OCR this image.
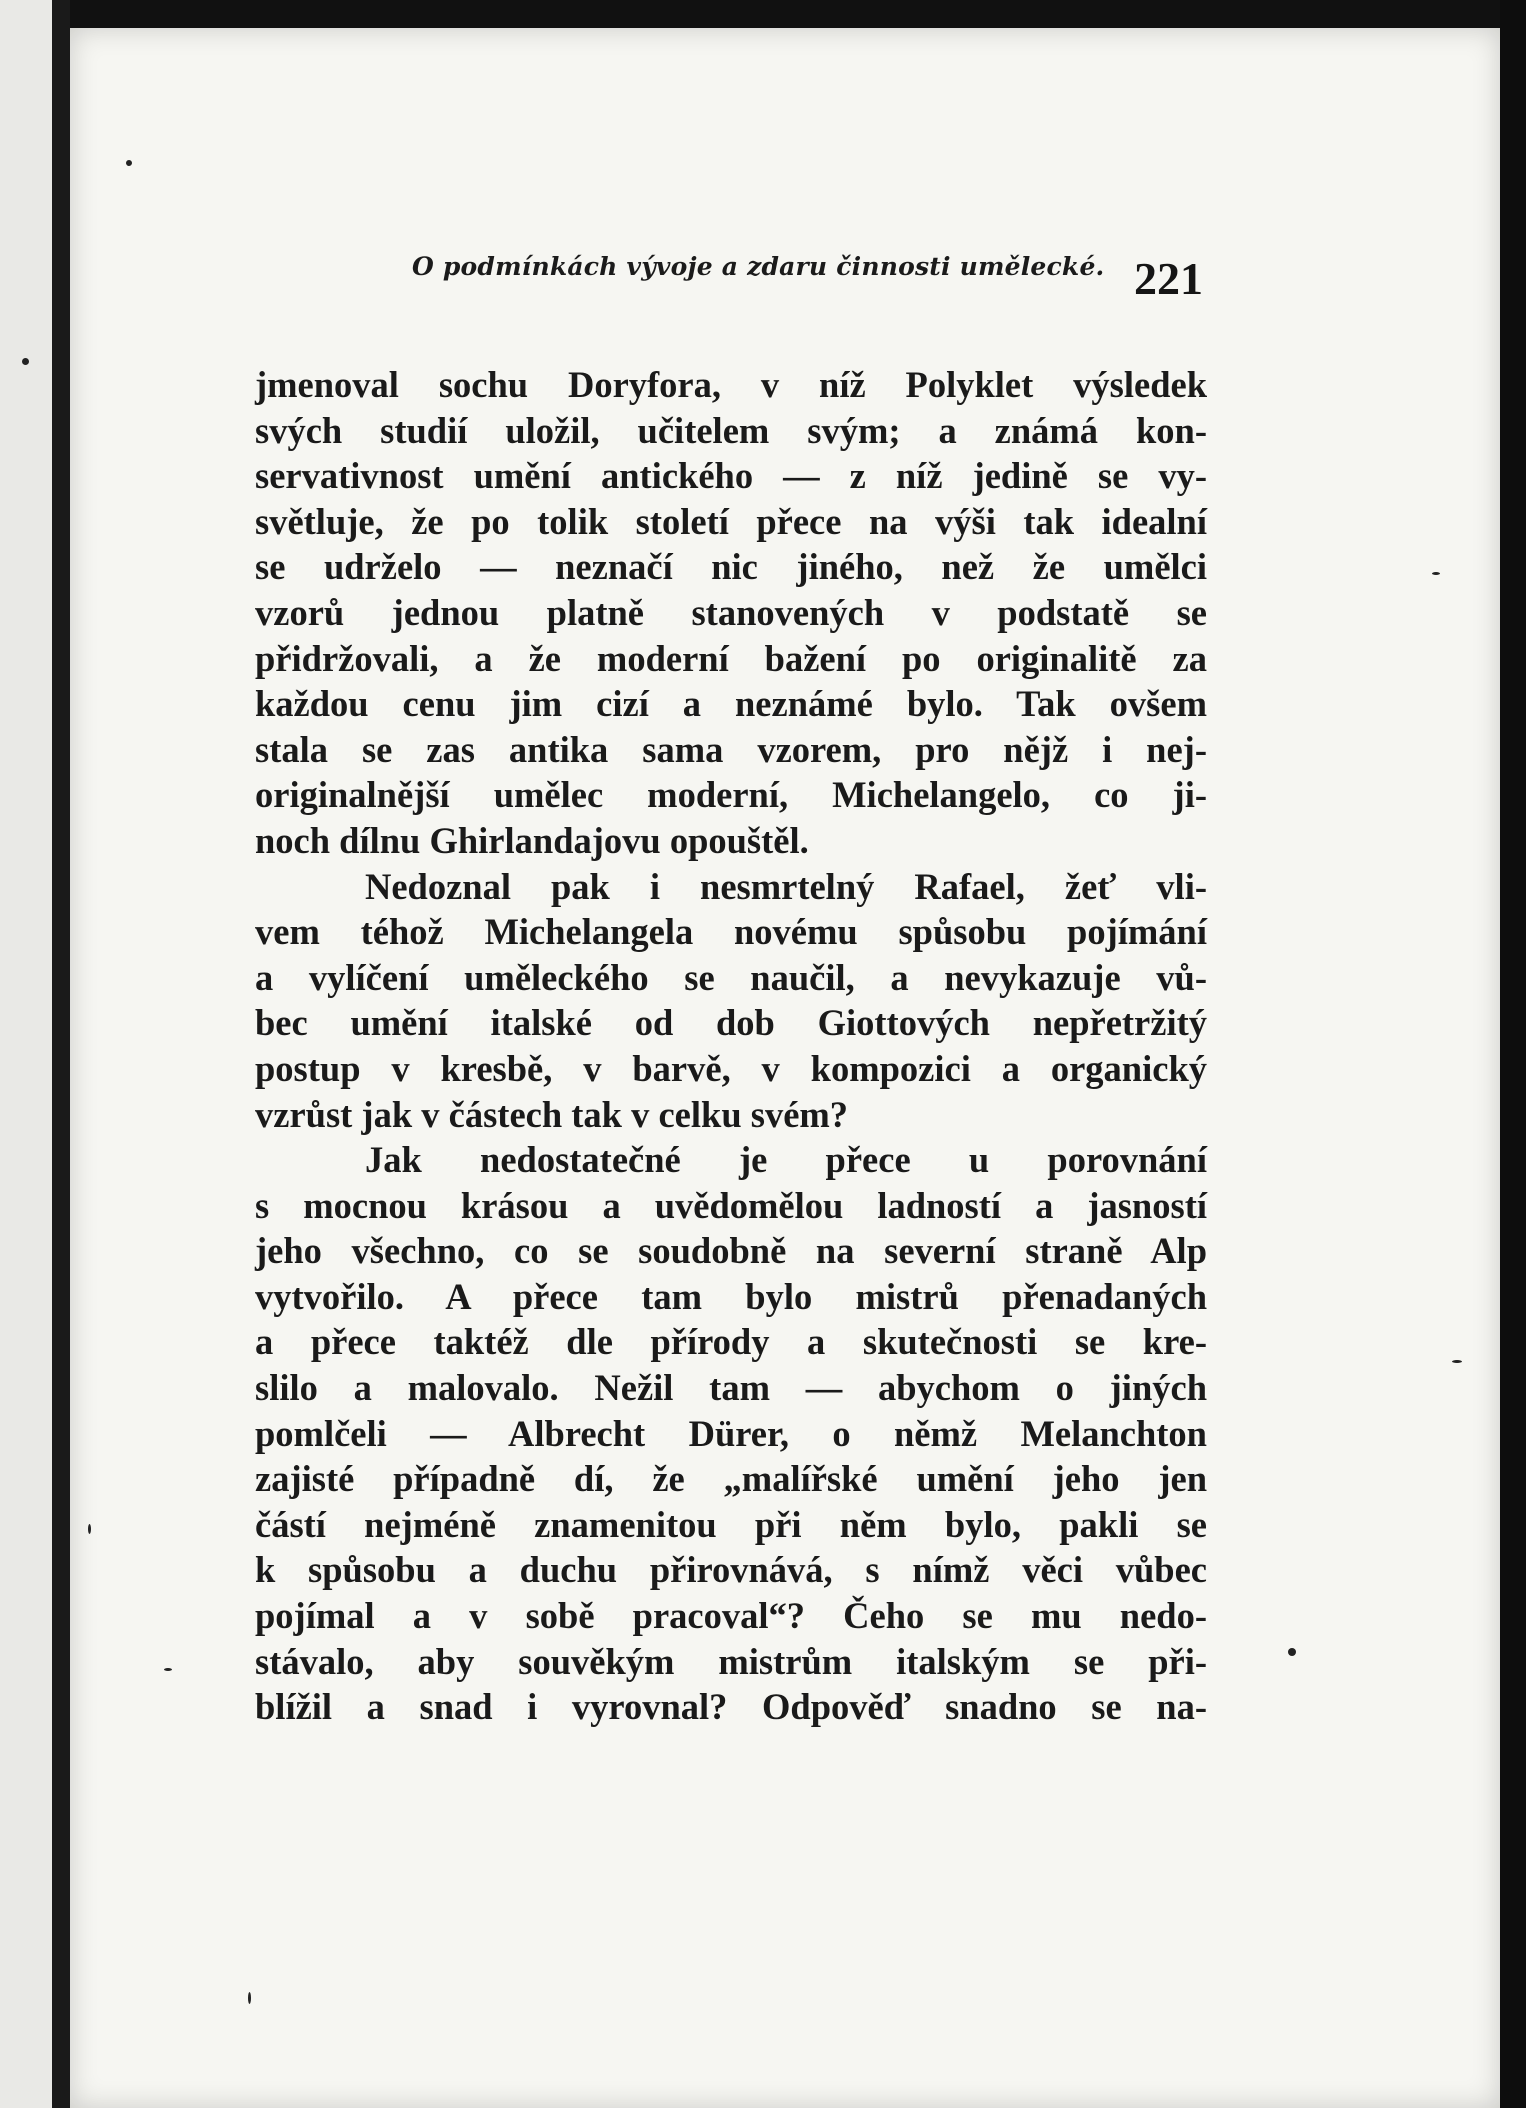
O podmínkách vývoje a zdaru činnosti umělecké. 221
jmenoval sochu Doryfora, v níž Polyklet výsledek
svých studií uložil, učitelem svým; a známá kon-
servativnost umění antického — z níž jedině se vy-
světluje, že po tolik století přece na výši tak idealní
se udrželo — neznačí nic jiného, než že umělci
vzorů jednou platně stanovených v podstatě se
přidržovali, a že moderní bažení po originalitě za
každou cenu jim cizí a neznámé bylo. Tak ovšem
stala se zas antika sama vzorem, pro nějž i nej-
originalnější umělec moderní, Michelangelo, co ji-
noch dílnu Ghirlandajovu opouštěl.
Nedoznal pak i nesmrtelný Rafael, žeť vli-
vem téhož Michelangela novému spůsobu pojímání
a vylíčení uměleckého se naučil, a nevykazuje vů-
bec umění italské od dob Giottových nepřetržitý
postup v kresbě, v barvě, v kompozici a organický
vzrůst jak v částech tak v celku svém?
Jak nedostatečné je přece u porovnání
s mocnou krásou a uvědomělou ladností a jasností
jeho všechno, co se soudobně na severní straně Alp
vytvořilo. A přece tam bylo mistrů přenadaných
a přece taktéž dle přírody a skutečnosti se kre-
slilo a malovalo. Nežil tam — abychom o jiných
pomlčeli — Albrecht Dürer, o němž Melanchton
zajisté případně dí, že „malířské umění jeho jen
částí nejméně znamenitou při něm bylo, pakli se
k spůsobu a duchu přirovnává, s nímž věci vůbec
pojímal a v sobě pracoval“? Čeho se mu nedo-
stávalo, aby souvěkým mistrům italským se při-
blížil a snad i vyrovnal? Odpověď snadno se na-
